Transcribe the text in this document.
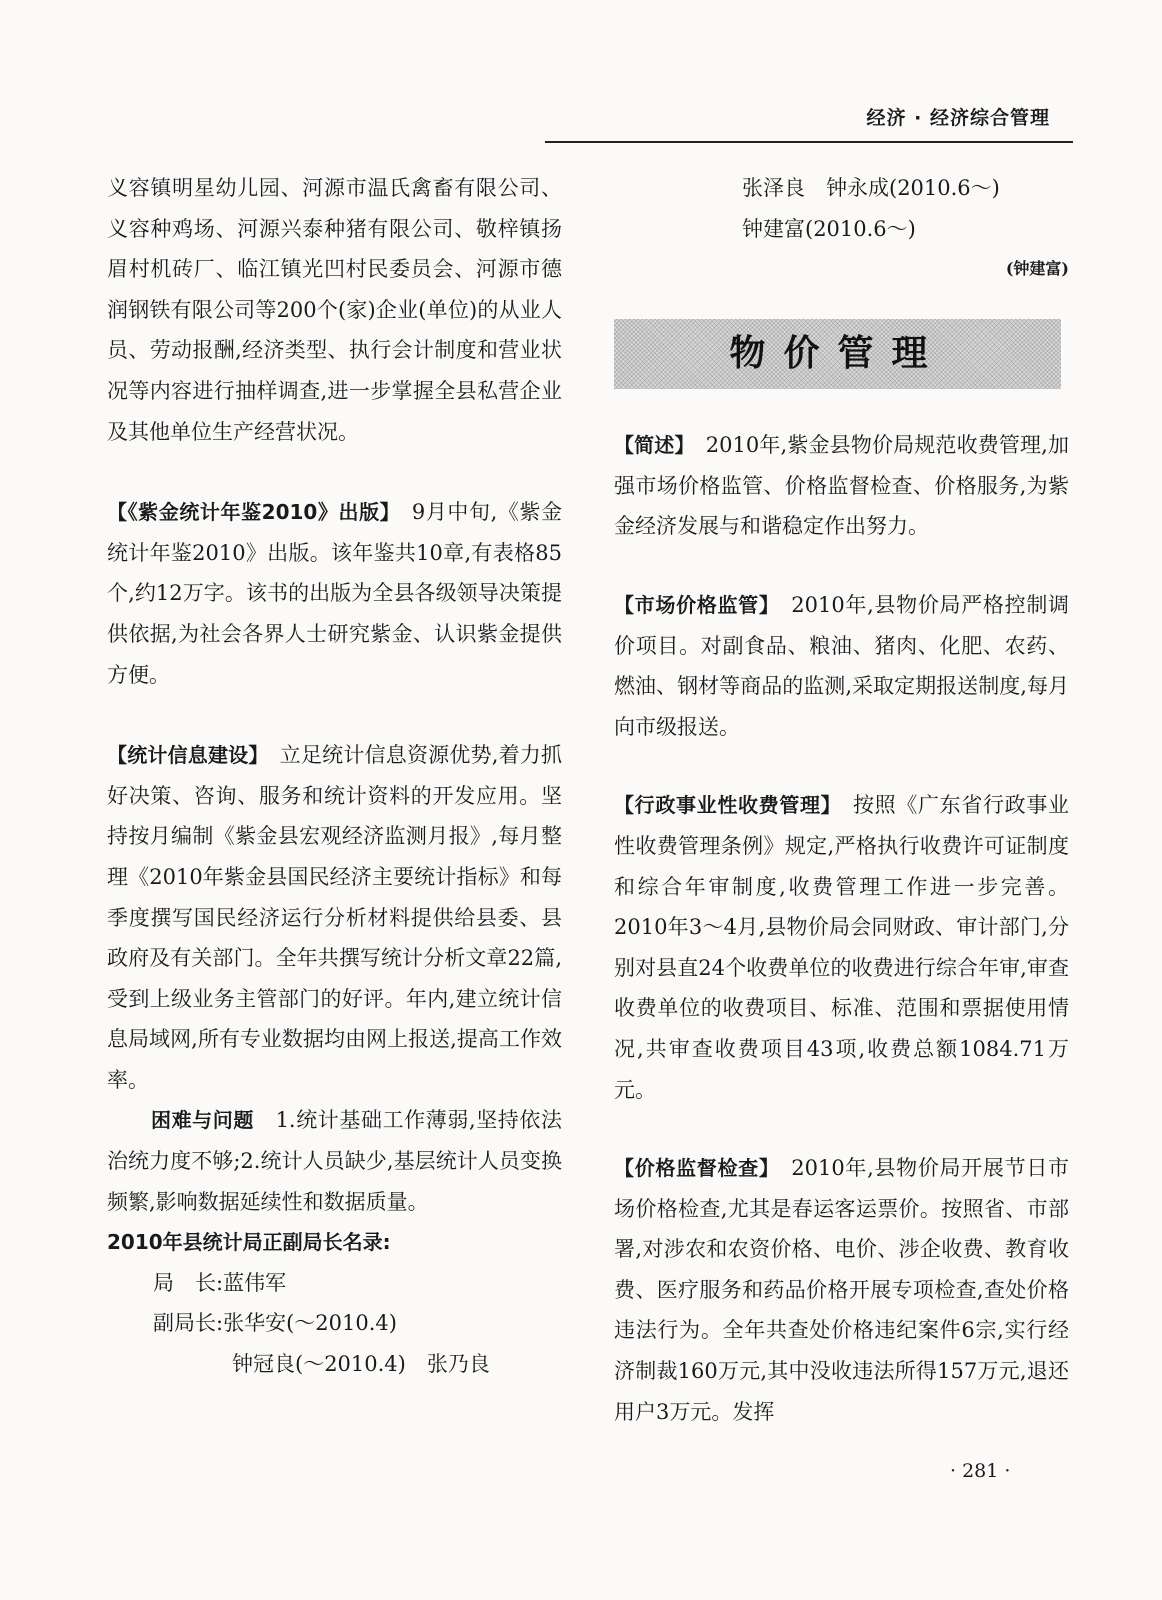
经济 · 经济综合管理

义容镇明星幼儿园、河源市温氏禽畜有限公司、义容种鸡场、河源兴泰种猪有限公司、敬梓镇扬眉村机砖厂、临江镇光凹村民委员会、河源市德润钢铁有限公司等200个(家)企业(单位)的从业人员、劳动报酬,经济类型、执行会计制度和营业状况等内容进行抽样调查,进一步掌握全县私营企业及其他单位生产经营状况。

【《紫金统计年鉴2010》出版】　 9月中旬,《紫金统计年鉴2010》出版。该年鉴共10章,有表格85个,约12万字。该书的出版为全县各级领导决策提供依据,为社会各界人士研究紫金、认识紫金提供方便。

【统计信息建设】　 立足统计信息资源优势,着力抓好决策、咨询、服务和统计资料的开发应用。坚持按月编制《紫金县宏观经济监测月报》,每月整理《2010年紫金县国民经济主要统计指标》和每季度撰写国民经济运行分析材料提供给县委、县政府及有关部门。全年共撰写统计分析文章22篇,受到上级业务主管部门的好评。年内,建立统计信息局域网,所有专业数据均由网上报送,提高工作效率。

困难与问题　 1.统计基础工作薄弱,坚持依法治统力度不够;2.统计人员缺少,基层统计人员变换频繁,影响数据延续性和数据质量。

2010年县统计局正副局长名录:

局　长:蓝伟军

副局长:张华安(～2010.4)

钟冠良(～2010.4)　张乃良

张泽良　钟永成(2010.6～)

钟建富(2010.6～)

(钟建富)

物价管理

【简述】　 2010年,紫金县物价局规范收费管理,加强市场价格监管、价格监督检查、价格服务,为紫金经济发展与和谐稳定作出努力。

【市场价格监管】　 2010年,县物价局严格控制调价项目。对副食品、粮油、猪肉、化肥、农药、燃油、钢材等商品的监测,采取定期报送制度,每月向市级报送。

【行政事业性收费管理】　 按照《广东省行政事业性收费管理条例》规定,严格执行收费许可证制度和综合年审制度,收费管理工作进一步完善。2010年3～4月,县物价局会同财政、审计部门,分别对县直24个收费单位的收费进行综合年审,审查收费单位的收费项目、标准、范围和票据使用情况,共审查收费项目43项,收费总额1084.71万元。

【价格监督检查】　 2010年,县物价局开展节日市场价格检查,尤其是春运客运票价。按照省、市部署,对涉农和农资价格、电价、涉企收费、教育收费、医疗服务和药品价格开展专项检查,查处价格违法行为。全年共查处价格违纪案件6宗,实行经济制裁160万元,其中没收违法所得157万元,退还用户3万元。发挥

· 281 ·
